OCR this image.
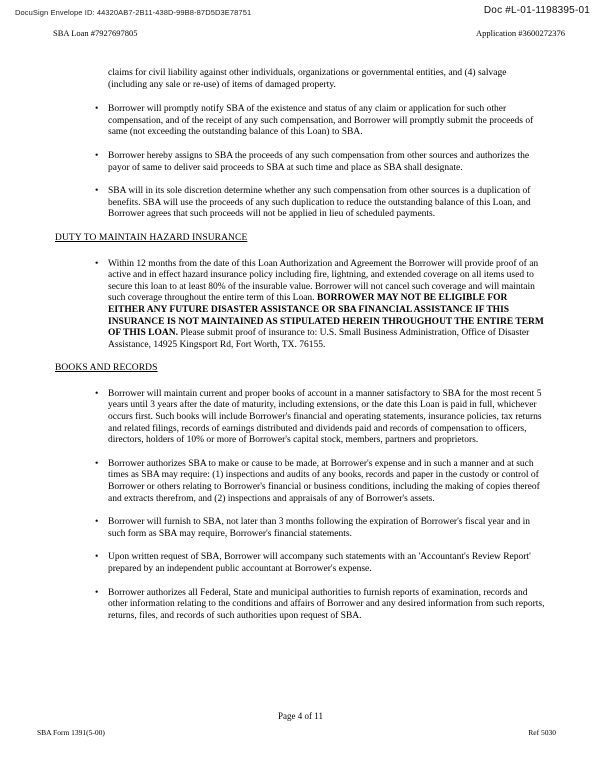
DocuSign Envelope ID: 44320AB7-2B11-438D-99B8-87D5D3E78751	Doc #L-01-1198395-01
SBA Loan #7927697805	Application #3600272376

claims for civil liability against other individuals, organizations or governmental entities, and (4) salvage (including any sale or re-use) of items of damaged property.

• Borrower will promptly notify SBA of the existence and status of any claim or application for such other compensation, and of the receipt of any such compensation, and Borrower will promptly submit the proceeds of same (not exceeding the outstanding balance of this Loan) to SBA.
• Borrower hereby assigns to SBA the proceeds of any such compensation from other sources and authorizes the payor of same to deliver said proceeds to SBA at such time and place as SBA shall designate.
• SBA will in its sole discretion determine whether any such compensation from other sources is a duplication of benefits. SBA will use the proceeds of any such duplication to reduce the outstanding balance of this Loan, and Borrower agrees that such proceeds will not be applied in lieu of scheduled payments.
DUTY TO MAINTAIN HAZARD INSURANCE
• Within 12 months from the date of this Loan Authorization and Agreement the Borrower will provide proof of an active and in effect hazard insurance policy including fire, lightning, and extended coverage on all items used to secure this loan to at least 80% of the insurable value. Borrower will not cancel such coverage and will maintain such coverage throughout the entire term of this Loan. BORROWER MAY NOT BE ELIGIBLE FOR EITHER ANY FUTURE DISASTER ASSISTANCE OR SBA FINANCIAL ASSISTANCE IF THIS INSURANCE IS NOT MAINTAINED AS STIPULATED HEREIN THROUGHOUT THE ENTIRE TERM OF THIS LOAN. Please submit proof of insurance to: U.S. Small Business Administration, Office of Disaster Assistance, 14925 Kingsport Rd, Fort Worth, TX. 76155.
BOOKS AND RECORDS
• Borrower will maintain current and proper books of account in a manner satisfactory to SBA for the most recent 5 years until 3 years after the date of maturity, including extensions, or the date this Loan is paid in full, whichever occurs first. Such books will include Borrower's financial and operating statements, insurance policies, tax returns and related filings, records of earnings distributed and dividends paid and records of compensation to officers, directors, holders of 10% or more of Borrower's capital stock, members, partners and proprietors.
• Borrower authorizes SBA to make or cause to be made, at Borrower's expense and in such a manner and at such times as SBA may require: (1) inspections and audits of any books, records and paper in the custody or control of Borrower or others relating to Borrower's financial or business conditions, including the making of copies thereof and extracts therefrom, and (2) inspections and appraisals of any of Borrower's assets.
• Borrower will furnish to SBA, not later than 3 months following the expiration of Borrower's fiscal year and in such form as SBA may require, Borrower's financial statements.
• Upon written request of SBA, Borrower will accompany such statements with an 'Accountant's Review Report' prepared by an independent public accountant at Borrower's expense.
• Borrower authorizes all Federal, State and municipal authorities to furnish reports of examination, records and other information relating to the conditions and affairs of Borrower and any desired information from such reports, returns, files, and records of such authorities upon request of SBA.
Page 4 of 11
SBA Form 1391(5-00)	Ref 5030
